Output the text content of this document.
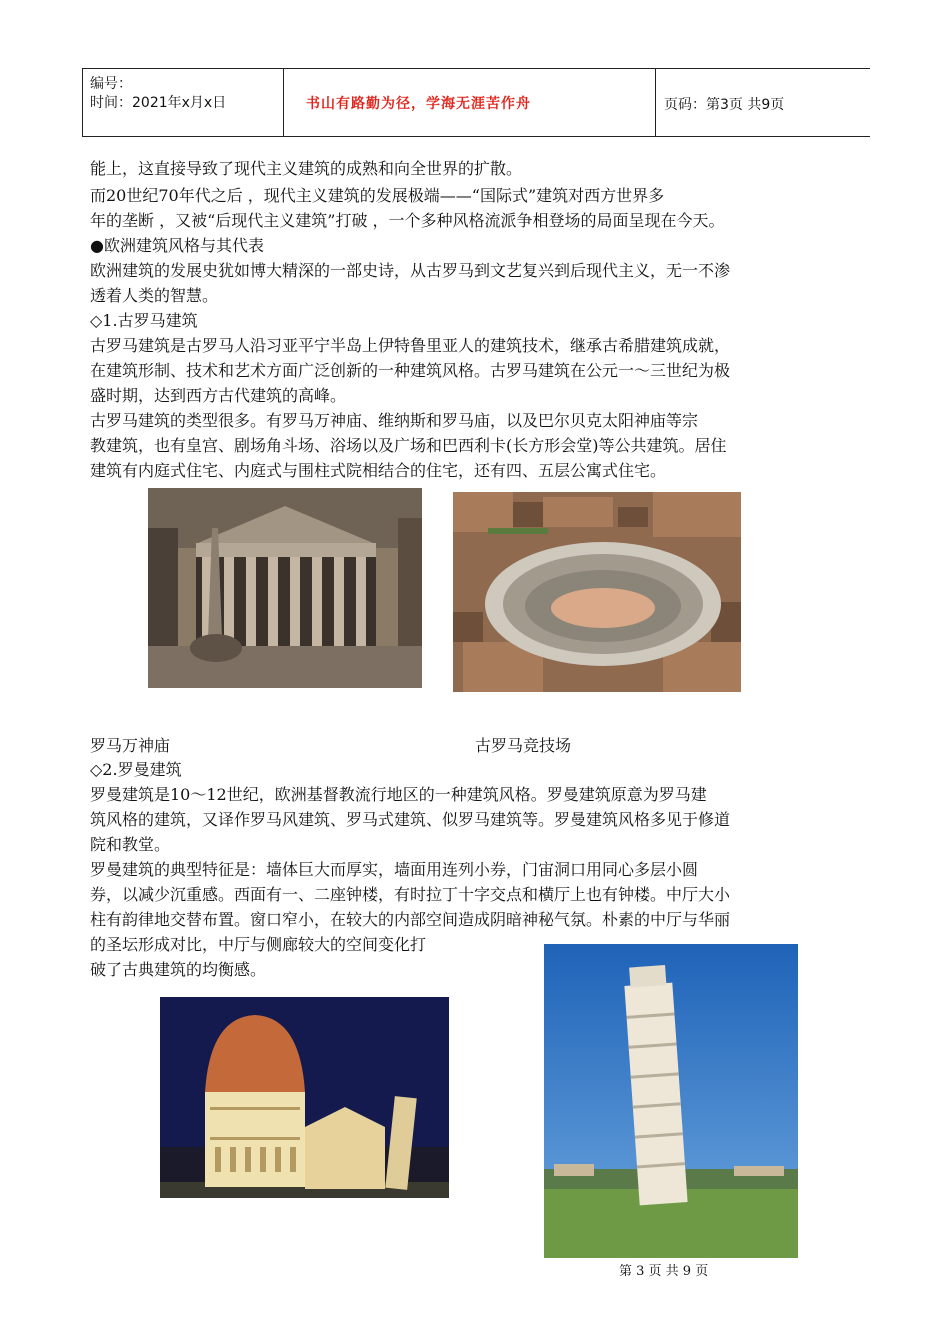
编号：
时间：2021年x月x日	书山有路勤为径，学海无涯苦作舟	页码：第3页 共9页
能上，这直接导致了现代主义建筑的成熟和向全世界的扩散。
而20世纪70年代之后 ，现代主义建筑的发展极端——“国际式”建筑对西方世界多
年的垄断 ，又被“后现代主义建筑”打破 ，一个多种风格流派争相登场的局面呈现在今天。
●欧洲建筑风格与其代表
欧洲建筑的发展史犹如博大精深的一部史诗，从古罗马到文艺复兴到后现代主义，无一不渗
透着人类的智慧。
◇1.古罗马建筑
古罗马建筑是古罗马人沿习亚平宁半岛上伊特鲁里亚人的建筑技术，继承古希腊建筑成就，
在建筑形制、技术和艺术方面广泛创新的一种建筑风格。古罗马建筑在公元一～三世纪为极
盛时期，达到西方古代建筑的高峰。
古罗马建筑的类型很多。有罗马万神庙、维纳斯和罗马庙，以及巴尔贝克太阳神庙等宗
教建筑，也有皇宫、剧场角斗场、浴场以及广场和巴西利卡(长方形会堂)等公共建筑。居住
建筑有内庭式住宅、内庭式与围柱式院相结合的住宅，还有四、五层公寓式住宅。
罗马万神庙	古罗马竞技场
◇2.罗曼建筑
罗曼建筑是10～12世纪，欧洲基督教流行地区的一种建筑风格。罗曼建筑原意为罗马建
筑风格的建筑，又译作罗马风建筑、罗马式建筑、似罗马建筑等。罗曼建筑风格多见于修道
院和教堂。
罗曼建筑的典型特征是：墙体巨大而厚实，墙面用连列小券，门宙洞口用同心多层小圆
券，以减少沉重感。西面有一、二座钟楼，有时拉丁十字交点和横厅上也有钟楼。中厅大小
柱有韵律地交替布置。窗口窄小，在较大的内部空间造成阴暗神秘气氛。朴素的中厅与华丽
的圣坛形成对比，中厅与侧廊较大的空间变化打
破了古典建筑的均衡感。
第 3 页 共 9 页
